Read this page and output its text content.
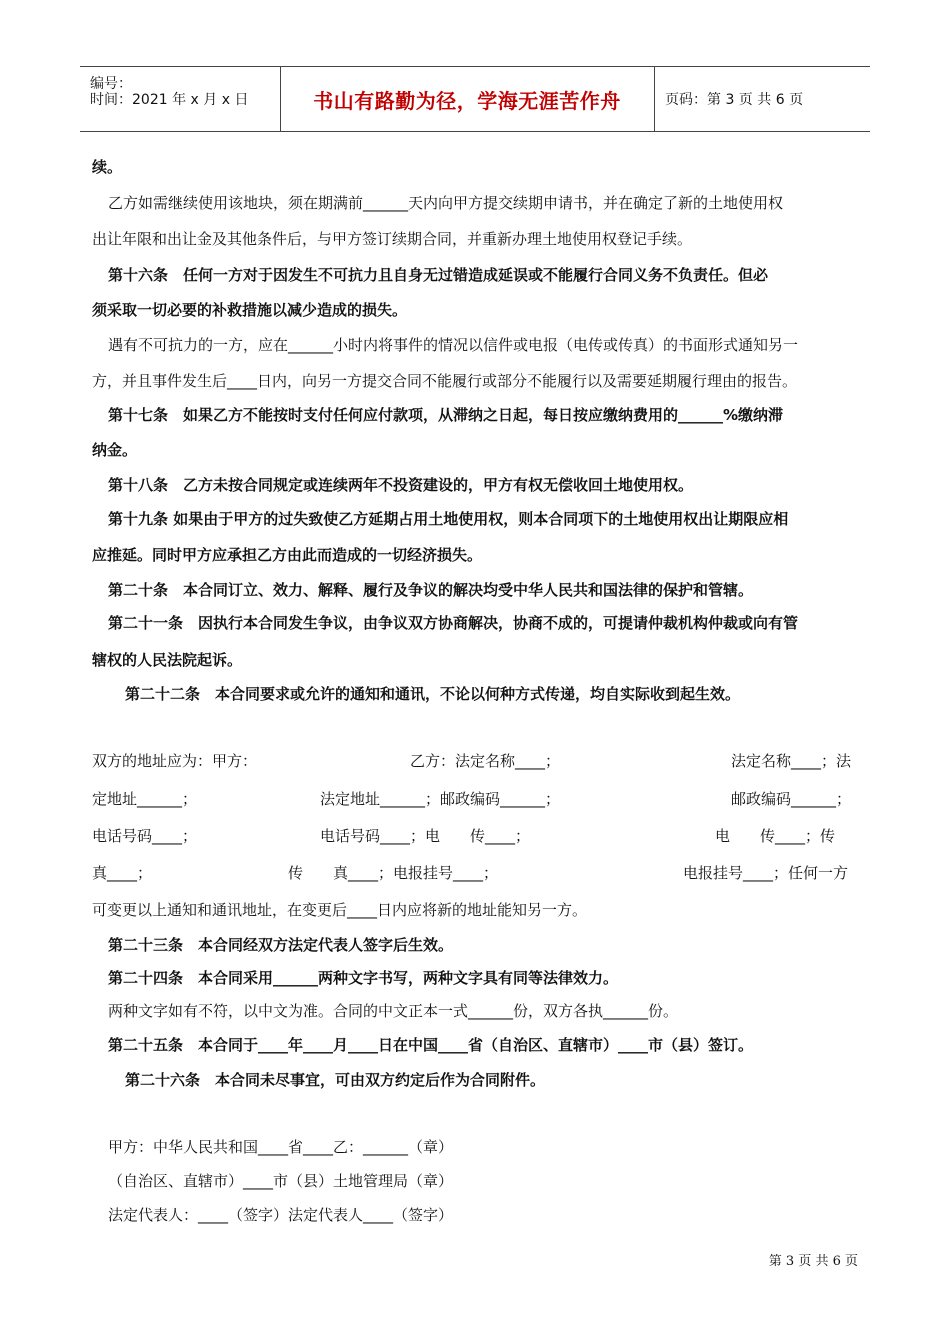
编号：
时间：2021 年 x 月 x 日	书山有路勤为径，学海无涯苦作舟	页码：第 3 页 共 6 页
续。
乙方如需继续使用该地块，须在期满前______天内向甲方提交续期申请书，并在确定了新的土地使用权
出让年限和出让金及其他条件后，与甲方签订续期合同，并重新办理土地使用权登记手续。
第十六条　任何一方对于因发生不可抗力且自身无过错造成延误或不能履行合同义务不负责任。但必
须采取一切必要的补救措施以减少造成的损失。
遇有不可抗力的一方，应在______小时内将事件的情况以信件或电报（电传或传真）的书面形式通知另一
方，并且事件发生后____日内，向另一方提交合同不能履行或部分不能履行以及需要延期履行理由的报告。
第十七条　如果乙方不能按时支付任何应付款项，从滞纳之日起，每日按应缴纳费用的______%缴纳滞
纳金。
第十八条　乙方未按合同规定或连续两年不投资建设的，甲方有权无偿收回土地使用权。
第十九条 如果由于甲方的过失致使乙方延期占用土地使用权，则本合同项下的土地使用权出让期限应相
应推延。同时甲方应承担乙方由此而造成的一切经济损失。
第二十条　本合同订立、效力、解释、履行及争议的解决均受中华人民共和国法律的保护和管辖。
第二十一条　因执行本合同发生争议，由争议双方协商解决，协商不成的，可提请仲裁机构仲裁或向有管
辖权的人民法院起诉。
第二十二条　本合同要求或允许的通知和通讯，不论以何种方式传递，均自实际收到起生效。
双方的地址应为：甲方：	乙方：法定名称____；	法定名称____；法
定地址______；	法定地址______；邮政编码______；	邮政编码______；
电话号码____；	电话号码____；电　　传____；	电　　传____；传
真____；	传　　真____；电报挂号____；	电报挂号____；任何一方
可变更以上通知和通讯地址，在变更后____日内应将新的地址能知另一方。
第二十三条　本合同经双方法定代表人签字后生效。
第二十四条　本合同采用______两种文字书写，两种文字具有同等法律效力。
两种文字如有不符，以中文为准。合同的中文正本一式______份，双方各执______份。
第二十五条　本合同于____年____月____日在中国____省（自治区、直辖市）____市（县）签订。
第二十六条　本合同未尽事宜，可由双方约定后作为合同附件。
甲方：中华人民共和国____省____乙：______（章）
（自治区、直辖市）____市（县）土地管理局（章）
法定代表人：____（签字）法定代表人____（签字）
第 3 页 共 6 页
